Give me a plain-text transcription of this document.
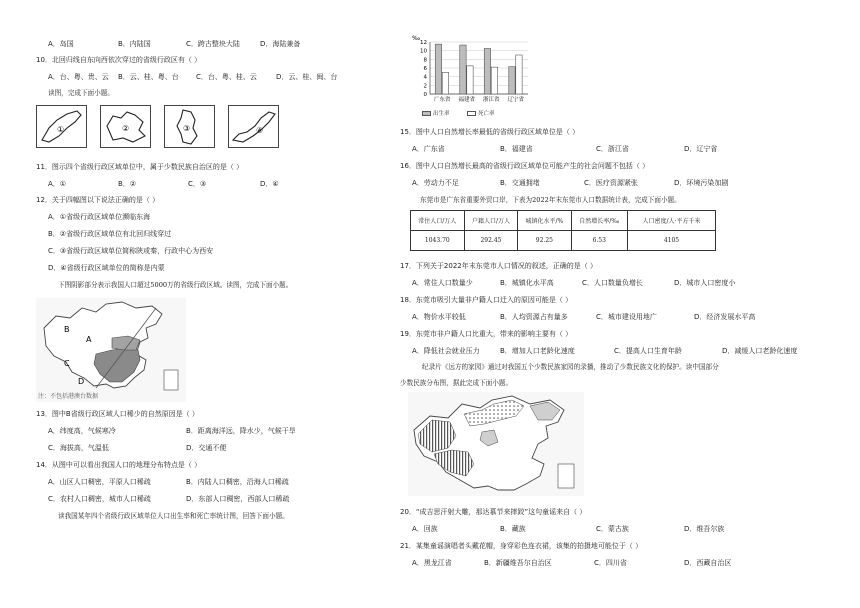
A．岛国	B．内陆国	C．跨古整块大陆	D．海陆兼备
10．北回归线自东向西依次穿过的省级行政区有（ ）
A．台、粤、贵、云 B．云、桂、粤、台 C．台、粤、桂、云	D．云、桂、闽、台
读图，完成下面小题。
①	②	③	④
11．图示四个省级行政区域单位中，属于少数民族自治区的是（ ）
A．①	B．②	C．③	D．④
12．关于四幅图以下说法正确的是（ ）
A．①省级行政区域单位濒临东海
B．②省级行政区域单位有北回归线穿过
C．③省级行政区域单位简称陕或秦，行政中心为西安
D．④省级行政区域单位的简称是内蒙
下图阴影部分表示我国人口超过5000万的省级行政区域。读图，完成下面小题。
B
A
C
D
注：不包括港澳台数据
13．图中B省级行政区域人口稀少的自然原因是（ ）
A．纬度高，气候寒冷	B．距离海洋远，降水少，气候干旱
C．海拔高，气温低	D．交通不便
14．从图中可以看出我国人口的地理分布特点是（ ）
A．山区人口稠密，平原人口稀疏	B．内陆人口稠密，沿海人口稀疏
C．农村人口稠密，城市人口稀疏	D．东部人口稠密，西部人口稀疏
读我国某年四个省级行政区域单位人口出生率和死亡率统计图，回答下面小题。
‰
0
2
4
6
8
10
12
广东省 福建省 浙江省 辽宁省
出生率	死亡率
15．图中人口自然增长率最低的省级行政区域单位是（ ）
A．广东省	B．福建省	C．浙江省	D．辽宁省
16．图中人口自然增长最高的省级行政区域单位可能产生的社会问题不包括（ ）
A．劳动力不足	B．交通拥堵	C．医疗资源紧张	D．环境污染加剧
东莞市是广东省重要外贸口岸，下表为2022年末东莞市人口数据统计表，完成下面小题。
常住人口/万人	户籍人口/万人	城镇化水平/%	自然增长率/‰	人口密度/人·平方千米
1043.70	292.45	92.25	6.53	4105
17．下列关于2022年末东莞市人口情况的叙述，正确的是（ ）
A．常住人口数量少	B．城镇化水平高	C．人口数量负增长	D．城市人口密度小
18．东莞市吸引大量非户籍人口迁入的原因可能是（ ）
A．物价水平较低	B．人均资源占有量多	C．城市建设用地广	D．经济发展水平高
19．东莞市非户籍人口比重大，带来的影响主要有（ ）
A．降低社会就业压力	B．增加人口老龄化速度	C．提高人口生育年龄	D．减缓人口老龄化速度
纪录片《远方的家园》通过对我国五个少数民族家园的录播，推动了少数民族文化的保护。读中国部分
少数民族分布图，据此完成下面小题。
20．“成吉思汗射大雕，那达慕节来摔跤”这句童谣来自（ ）
A．回族	B．藏族	C．蒙古族	D．维吾尔族
21．某集童谣演唱者头戴花帽，身穿彩色连衣裙，该集的拍摄地可能位于（ ）
A．黑龙江省	B．新疆维吾尔自治区	C．四川省	D．西藏自治区
